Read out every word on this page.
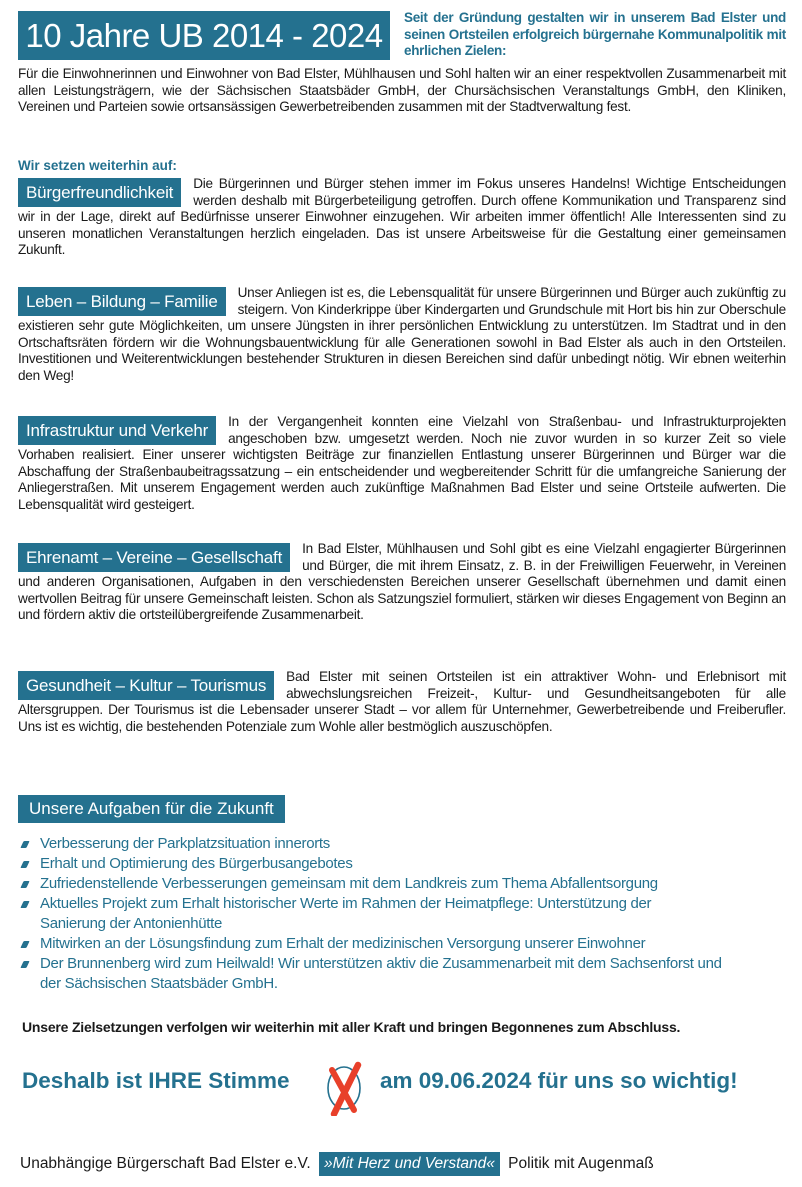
10 Jahre UB 2014 - 2024	Seit der Gründung gestalten wir in unserem Bad Elster und seinen Ortsteilen erfolgreich bürgernahe Kommunalpolitik mit ehrlichen Zielen:
Für die Einwohnerinnen und Einwohner von Bad Elster, Mühlhausen und Sohl halten wir an einer respektvollen Zusammenarbeit mit allen Leistungsträgern, wie der Sächsischen Staatsbäder GmbH, der Chursächsischen Veranstaltungs GmbH, den Kliniken, Vereinen und Parteien sowie ortsansässigen Gewerbetreibenden zusammen mit der Stadtverwaltung fest.
Wir setzen weiterhin auf:
Bürgerfreundlichkeit	Die Bürgerinnen und Bürger stehen immer im Fokus unseres Handelns! Wichtige Entscheidungen werden deshalb mit Bürgerbeteiligung getroffen. Durch offene Kommunikation und Transparenz sind wir in der Lage, direkt auf Bedürfnisse unserer Einwohner einzugehen. Wir arbeiten immer öffentlich! Alle Interessenten sind zu unseren monatlichen Veranstaltungen herzlich eingeladen. Das ist unsere Arbeitsweise für die Gestaltung einer gemeinsamen Zukunft.
Leben – Bildung – Familie	Unser Anliegen ist es, die Lebensqualität für unsere Bürgerinnen und Bürger auch zukünftig zu steigern. Von Kinderkrippe über Kindergarten und Grundschule mit Hort bis hin zur Oberschule existieren sehr gute Möglichkeiten, um unsere Jüngsten in ihrer persönlichen Entwicklung zu unterstützen. Im Stadtrat und in den Ortschaftsräten fördern wir die Wohnungsbauentwicklung für alle Generationen sowohl in Bad Elster als auch in den Ortsteilen. Investitionen und Weiterentwicklungen bestehender Strukturen in diesen Bereichen sind dafür unbedingt nötig. Wir ebnen weiterhin den Weg!
Infrastruktur und Verkehr	In der Vergangenheit konnten eine Vielzahl von Straßenbau- und Infrastrukturprojekten angeschoben bzw. umgesetzt werden. Noch nie zuvor wurden in so kurzer Zeit so viele Vorhaben realisiert. Einer unserer wichtigsten Beiträge zur finanziellen Entlastung unserer Bürgerinnen und Bürger war die Abschaffung der Straßenbaubeitragssatzung – ein entscheidender und wegbereitender Schritt für die umfangreiche Sanierung der Anliegerstraßen. Mit unserem Engagement werden auch zukünftige Maßnahmen Bad Elster und seine Ortsteile aufwerten. Die Lebensqualität wird gesteigert.
Ehrenamt – Vereine – Gesellschaft	In Bad Elster, Mühlhausen und Sohl gibt es eine Vielzahl engagierter Bürgerinnen und Bürger, die mit ihrem Einsatz, z. B. in der Freiwilligen Feuerwehr, in Vereinen und anderen Organisationen, Aufgaben in den verschiedensten Bereichen unserer Gesellschaft übernehmen und damit einen wertvollen Beitrag für unsere Gemeinschaft leisten. Schon als Satzungsziel formuliert, stärken wir dieses Engagement von Beginn an und fördern aktiv die ortsteilübergreifende Zusammenarbeit.
Gesundheit – Kultur – Tourismus	Bad Elster mit seinen Ortsteilen ist ein attraktiver Wohn- und Erlebnisort mit abwechslungsreichen Freizeit-, Kultur- und Gesundheitsangeboten für alle Altersgruppen. Der Tourismus ist die Lebensader unserer Stadt – vor allem für Unternehmer, Gewerbetreibende und Freiberufler. Uns ist es wichtig, die bestehenden Potenziale zum Wohle aller bestmöglich auszuschöpfen.
Unsere Aufgaben für die Zukunft
Verbesserung der Parkplatzsituation innerorts
Erhalt und Optimierung des Bürgerbusangebotes
Zufriedenstellende Verbesserungen gemeinsam mit dem Landkreis zum Thema Abfallentsorgung
Aktuelles Projekt zum Erhalt historischer Werte im Rahmen der Heimatpflege: Unterstützung der Sanierung der Antonienhütte
Mitwirken an der Lösungsfindung zum Erhalt der medizinischen Versorgung unserer Einwohner
Der Brunnenberg wird zum Heilwald! Wir unterstützen aktiv die Zusammenarbeit mit dem Sachsenforst und der Sächsischen Staatsbäder GmbH.
Unsere Zielsetzungen verfolgen wir weiterhin mit aller Kraft und bringen Begonnenes zum Abschluss.
Deshalb ist IHRE Stimme	am 09.06.2024 für uns so wichtig!
Unabhängige Bürgerschaft Bad Elster e.V. »Mit Herz und Verstand« Politik mit Augenmaß
